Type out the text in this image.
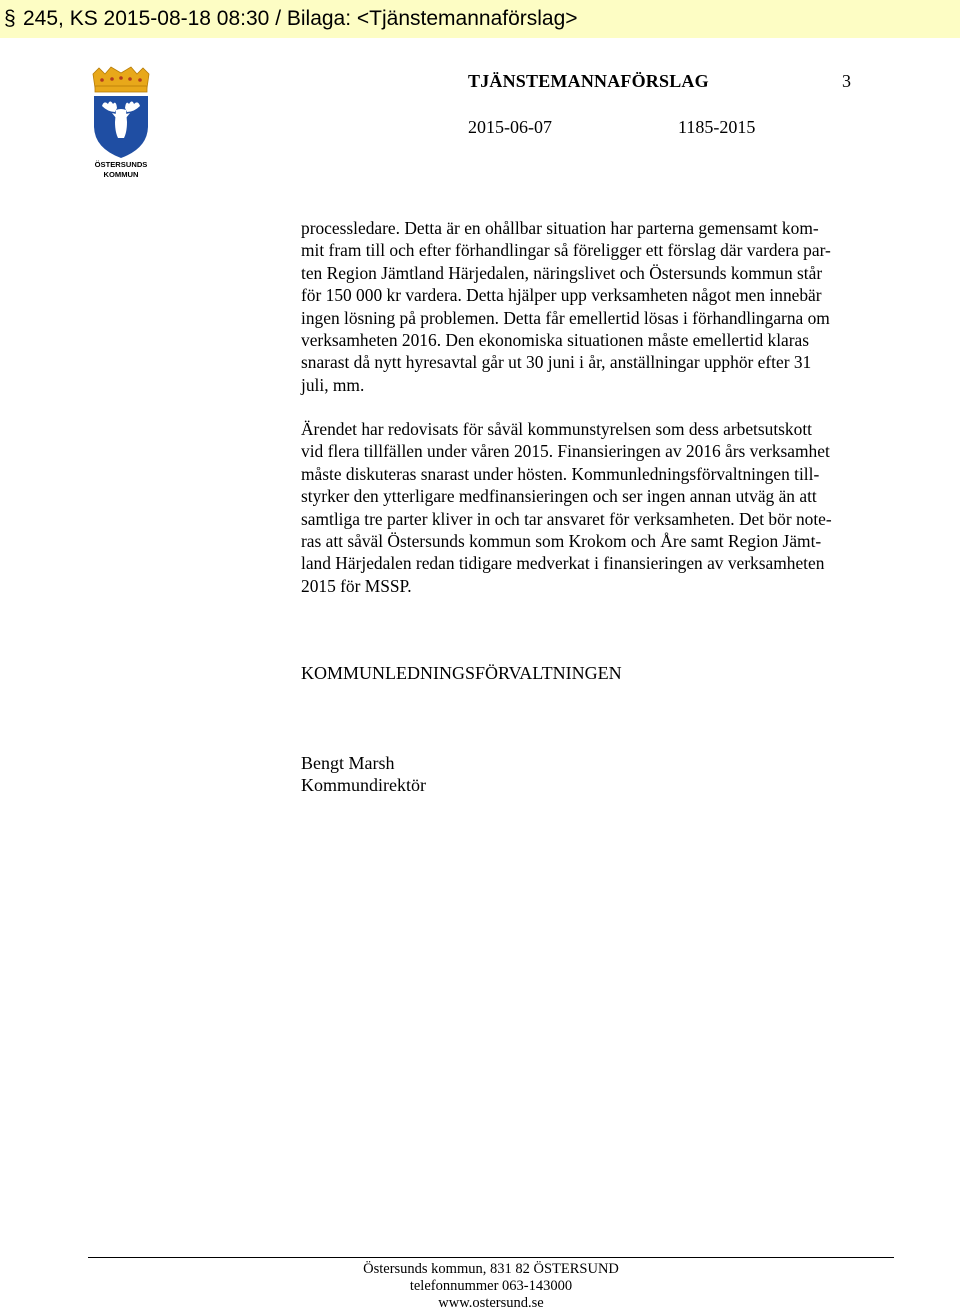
§ 245, KS 2015-08-18 08:30 / Bilaga: <Tjänstemannaförslag>
ÖSTERSUNDS
KOMMUN
TJÄNSTEMANNAFÖRSLAG	3
2015-06-07	1185-2015
processledare. Detta är en ohållbar situation har parterna gemensamt kom-
mit fram till och efter förhandlingar så föreligger ett förslag där vardera par-
ten Region Jämtland Härjedalen, näringslivet och Östersunds kommun står
för 150 000 kr vardera. Detta hjälper upp verksamheten något men innebär
ingen lösning på problemen. Detta får emellertid lösas i förhandlingarna om
verksamheten 2016. Den ekonomiska situationen måste emellertid klaras
snarast då nytt hyresavtal går ut 30 juni i år, anställningar upphör efter 31
juli, mm.
Ärendet har redovisats för såväl kommunstyrelsen som dess arbetsutskott
vid flera tillfällen under våren 2015. Finansieringen av 2016 års verksamhet
måste diskuteras snarast under hösten. Kommunledningsförvaltningen till-
styrker den ytterligare medfinansieringen och ser ingen annan utväg än att
samtliga tre parter kliver in och tar ansvaret för verksamheten. Det bör note-
ras att såväl Östersunds kommun som Krokom och Åre samt Region Jämt-
land Härjedalen redan tidigare medverkat i finansieringen av verksamheten
2015 för MSSP.
KOMMUNLEDNINGSFÖRVALTNINGEN
Bengt Marsh
Kommundirektör
Östersunds kommun, 831 82 ÖSTERSUND
telefonnummer 063-143000
www.ostersund.se
